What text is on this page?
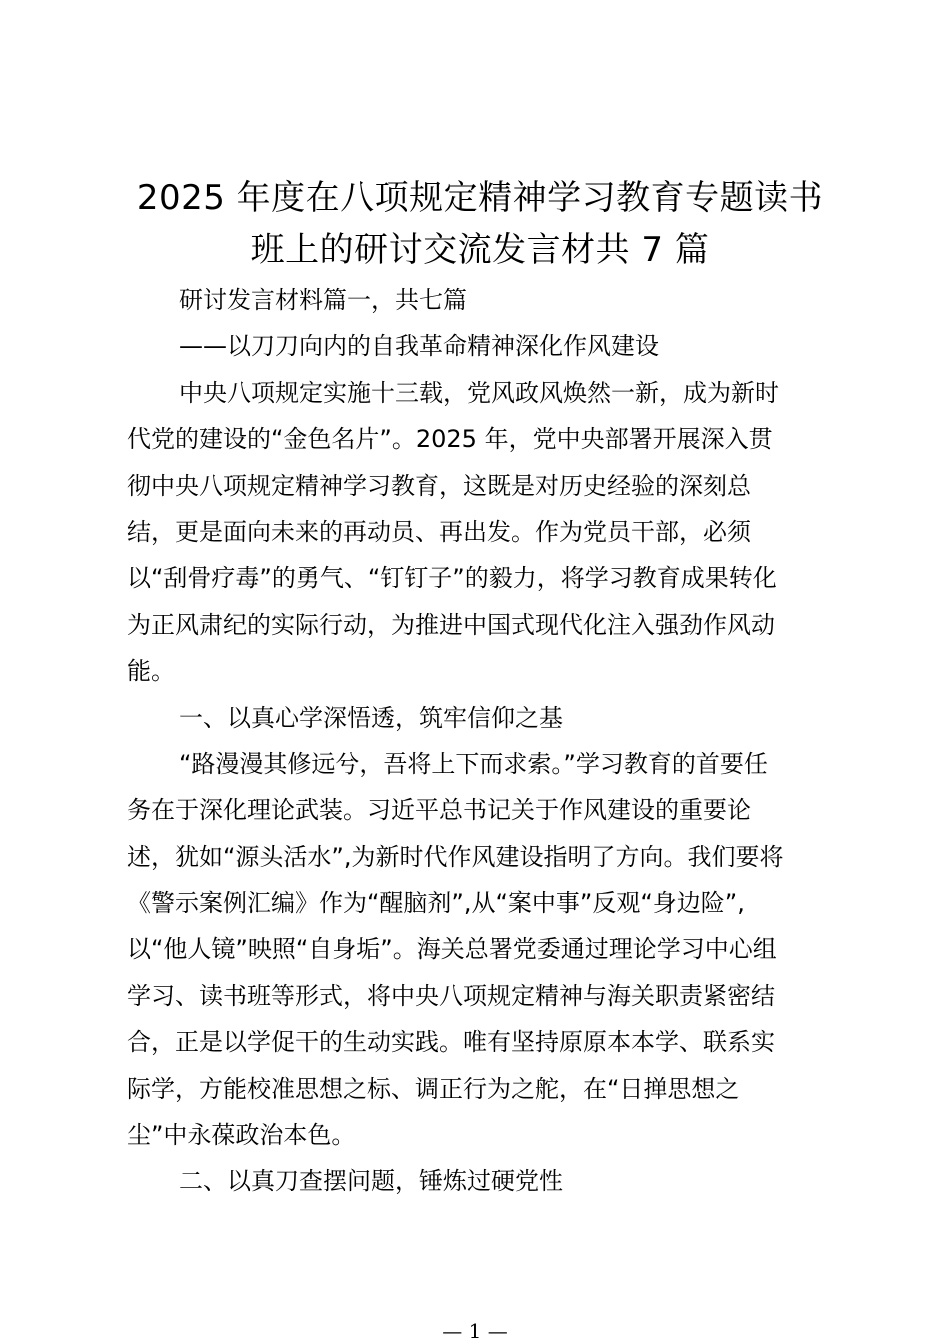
2025 年度在八项规定精神学习教育专题读书
班上的研讨交流发言材共 7 篇
研讨发言材料篇一，共七篇
——以刀刀向内的自我革命精神深化作风建设
中央八项规定实施十三载，党风政风焕然一新，成为新时
代党的建设的“金色名片”。2025 年，党中央部署开展深入贯
彻中央八项规定精神学习教育，这既是对历史经验的深刻总
结，更是面向未来的再动员、再出发。作为党员干部，必须
以“刮骨疗毒”的勇气、“钉钉子”的毅力，将学习教育成果转化
为正风肃纪的实际行动，为推进中国式现代化注入强劲作风动
能。
一、以真心学深悟透，筑牢信仰之基
“路漫漫其修远兮，吾将上下而求索。”学习教育的首要任
务在于深化理论武装。习近平总书记关于作风建设的重要论
述，犹如“源头活水”,为新时代作风建设指明了方向。我们要将
《警示案例汇编》作为“醒脑剂”,从“案中事”反观“身边险”,
以“他人镜”映照“自身垢”。海关总署党委通过理论学习中心组
学习、读书班等形式，将中央八项规定精神与海关职责紧密结
合，正是以学促干的生动实践。唯有坚持原原本本学、联系实
际学，方能校准思想之标、调正行为之舵，在“日掸思想之
尘”中永葆政治本色。
二、以真刀查摆问题，锤炼过硬党性
— 1 —
